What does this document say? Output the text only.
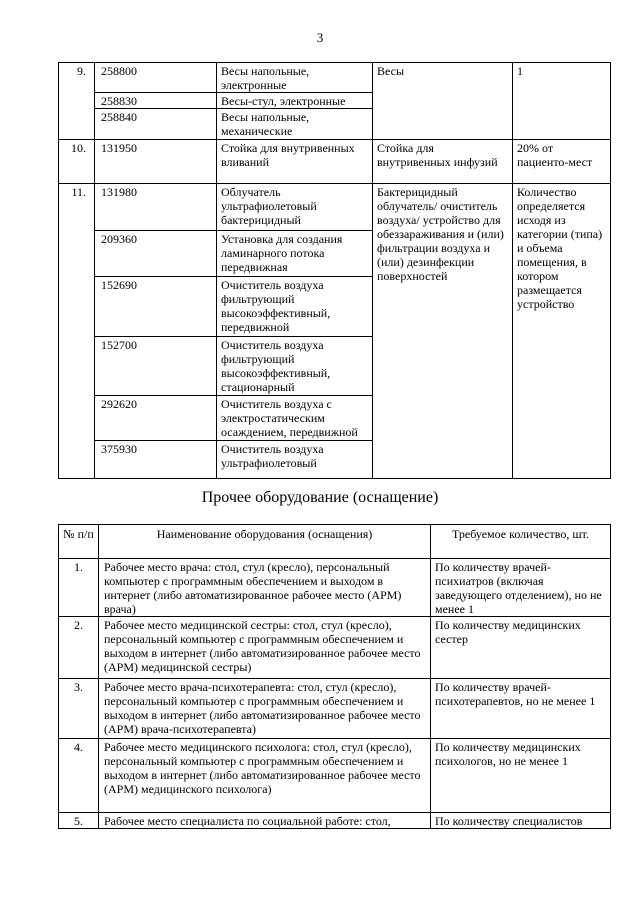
3
9.	258800	Весы напольные, электронные	Весы	1
	258830	Весы-стул, электронные		
	258840	Весы напольные, механические		
10.	131950	Стойка для внутривенных вливаний	Стойка для внутривенных инфузий	20% от пациенто-мест
11.	131980	Облучатель ультрафиолетовый бактерицидный	Бактерицидный облучатель/ очиститель воздуха/ устройство для обеззараживания и (или) фильтрации воздуха и (или) дезинфекции поверхностей	Количество определяется исходя из категории (типа) и объема помещения, в котором размещается устройство
	209360	Установка для создания ламинарного потока передвижная		
	152690	Очиститель воздуха фильтрующий высокоэффективный, передвижной		
	152700	Очиститель воздуха фильтрующий высокоэффективный, стационарный		
	292620	Очиститель воздуха с электростатическим осаждением, передвижной		
	375930	Очиститель воздуха ультрафиолетовый		
Прочее оборудование (оснащение)
№ п/п	Наименование оборудования (оснащения)	Требуемое количество, шт.
1.	Рабочее место врача: стол, стул (кресло), персональный компьютер с программным обеспечением и выходом в интернет (либо автоматизированное рабочее место (АРМ) врача)	По количеству врачей-психиатров (включая заведующего отделением), но не менее 1
2.	Рабочее место медицинской сестры: стол, стул (кресло), персональный компьютер с программным обеспечением и выходом в интернет (либо автоматизированное рабочее место (АРМ) медицинской сестры)	По количеству медицинских сестер
3.	Рабочее место врача-психотерапевта: стол, стул (кресло), персональный компьютер с программным обеспечением и выходом в интернет (либо автоматизированное рабочее место (АРМ) врача-психотерапевта)	По количеству врачей-психотерапевтов, но не менее 1
4.	Рабочее место медицинского психолога: стол, стул (кресло), персональный компьютер с программным обеспечением и выходом в интернет (либо автоматизированное рабочее место (АРМ) медицинского психолога)	По количеству медицинских психологов, но не менее 1
5.	Рабочее место специалиста по социальной работе: стол,	По количеству специалистов
